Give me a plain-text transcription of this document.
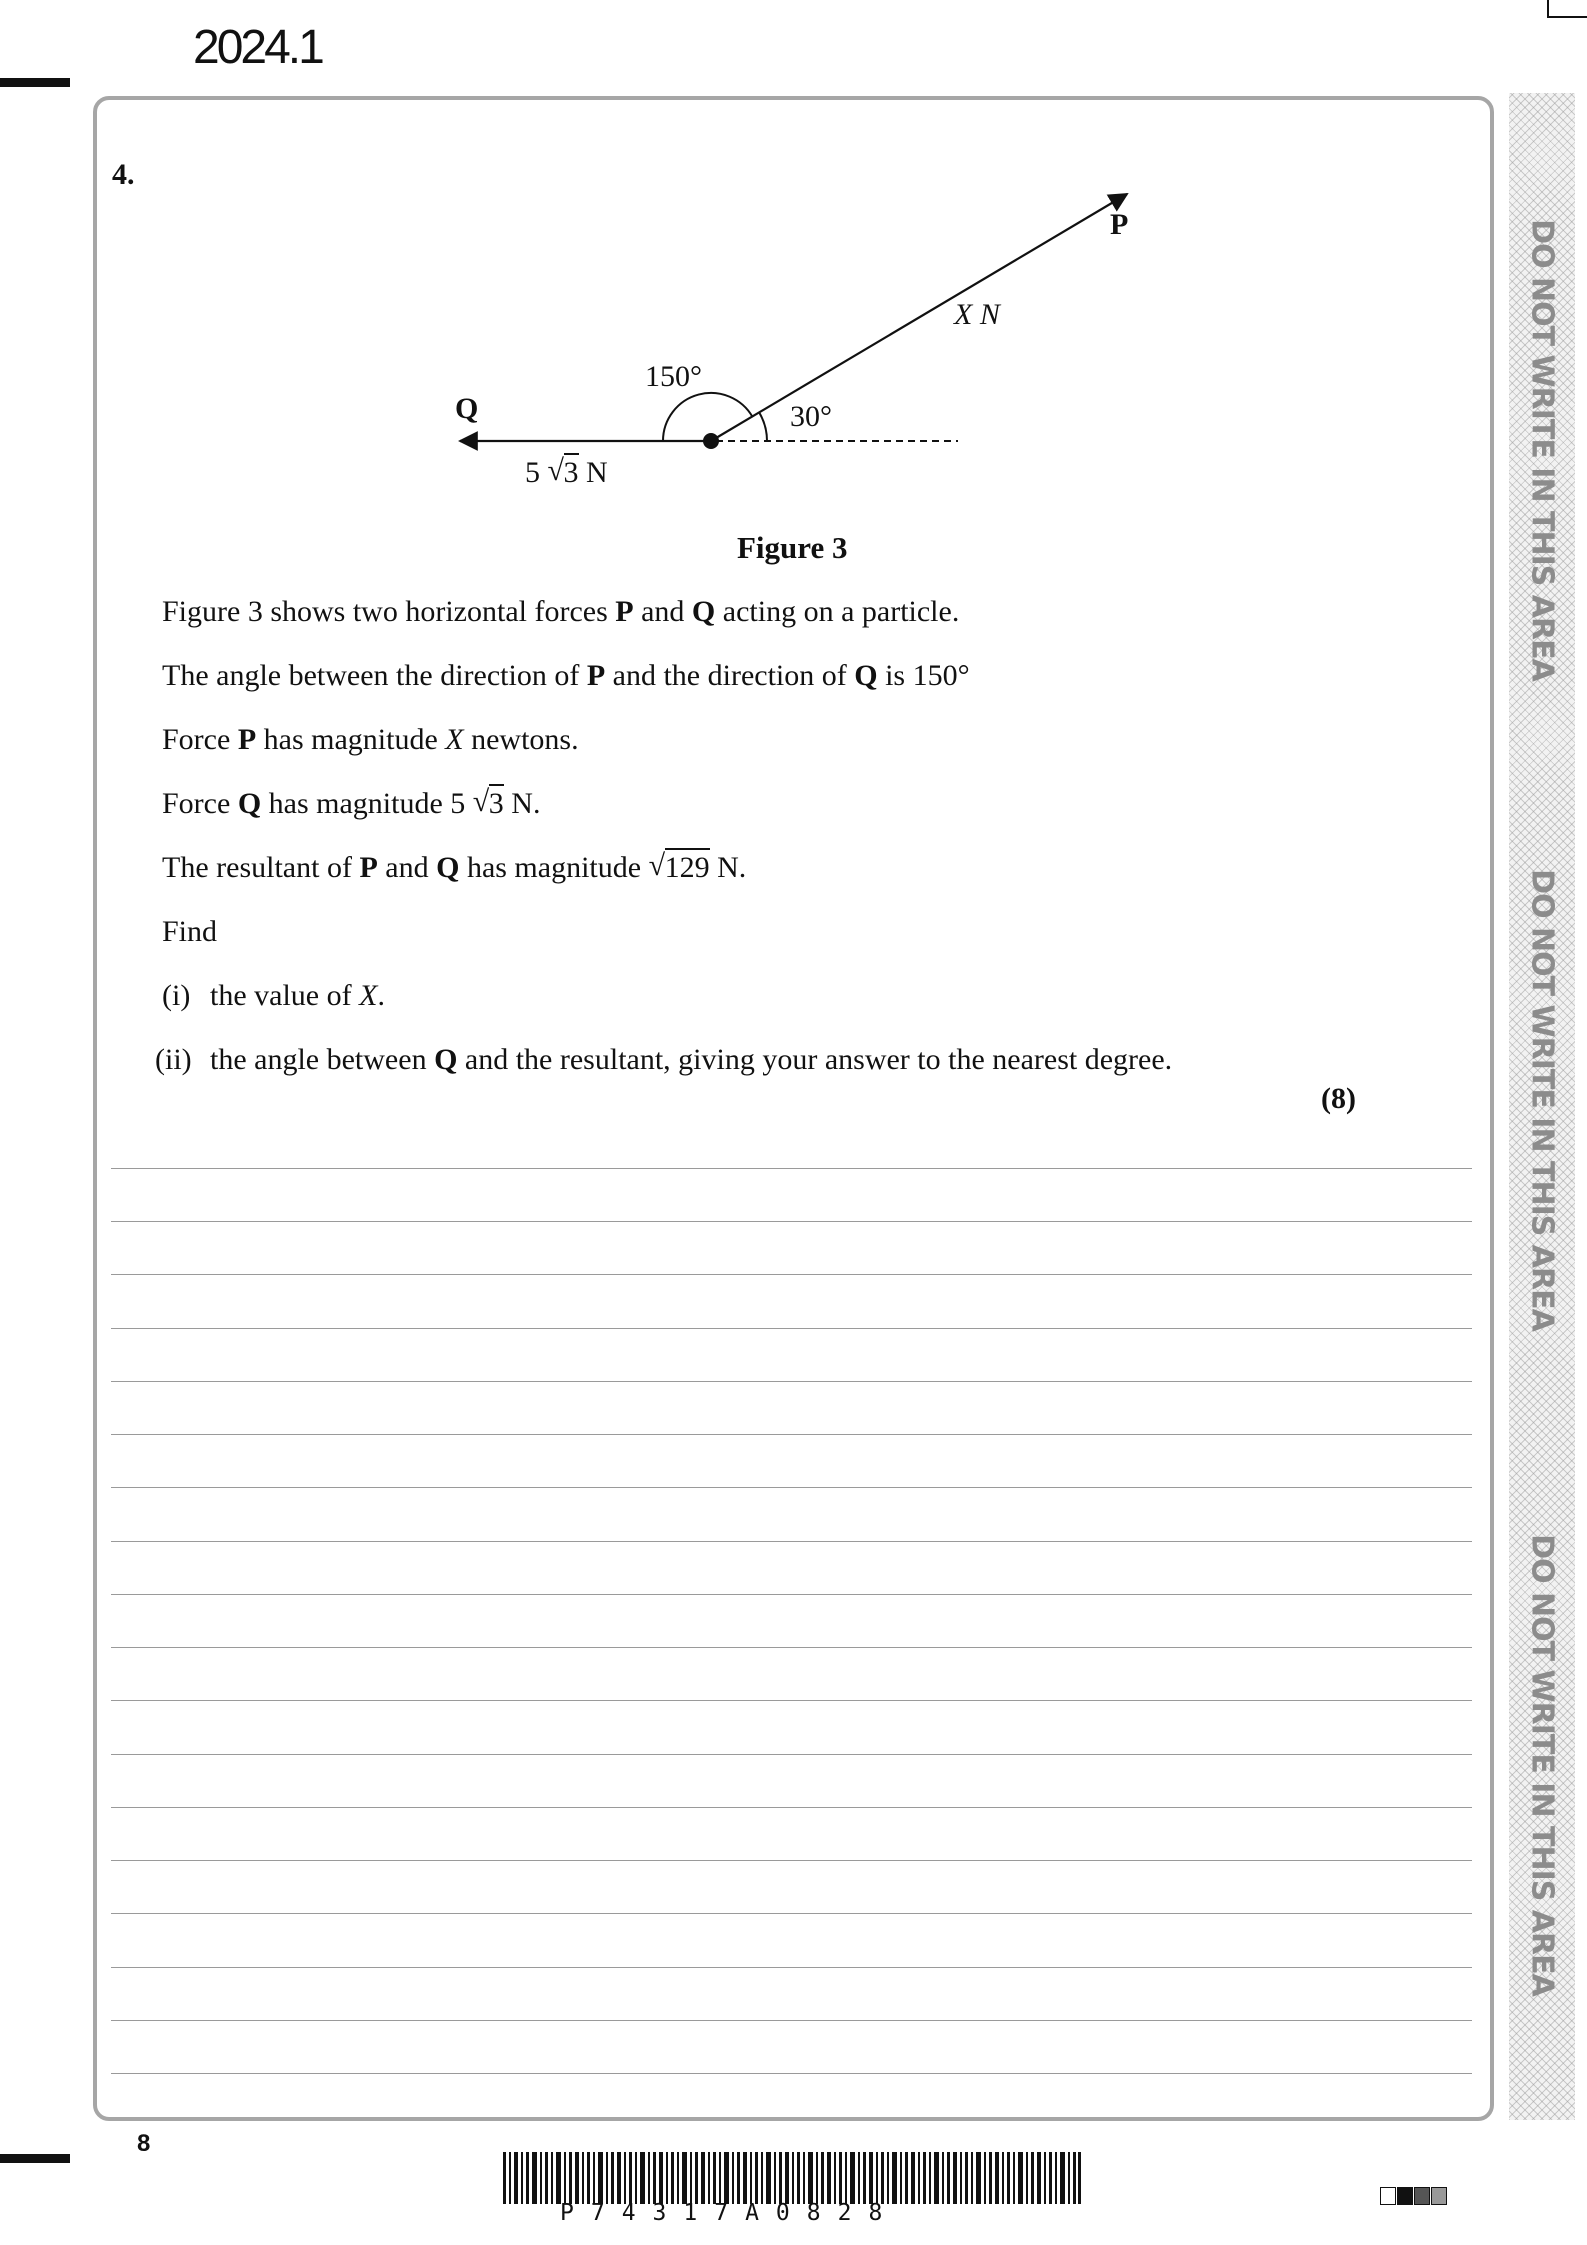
2024.1
DO NOT WRITE IN THIS AREA
DO NOT WRITE IN THIS AREA
DO NOT WRITE IN THIS AREA
4.
P
Q
X N
150°
30°
5 √ 3 N
Figure 3
Figure 3 shows two horizontal forces P and Q acting on a particle.
The angle between the direction of P and the direction of Q is 150°
Force P has magnitude X newtons.
Force Q has magnitude 5 √ 3 N.
The resultant of P and Q has magnitude √ 129 N.
Find
(i) the value of X.
(ii) the angle between Q and the resultant, giving your answer to the nearest degree.
(8)
8
P74317A0828
